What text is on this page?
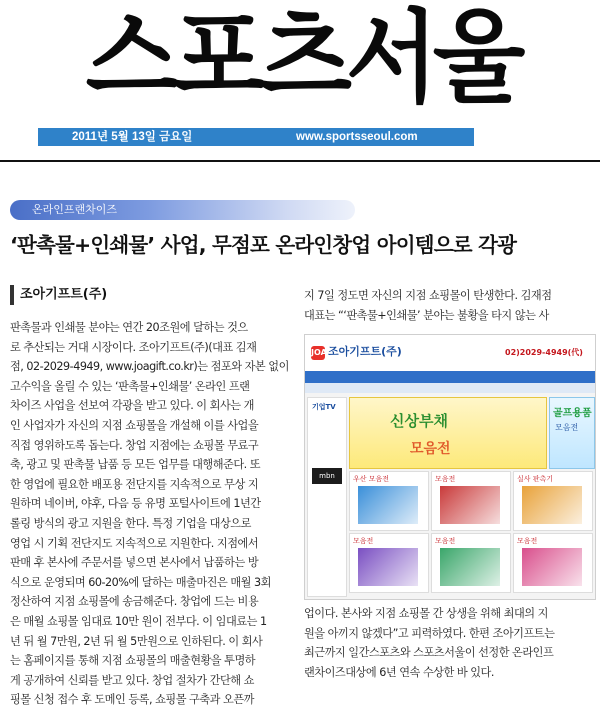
스포츠서울
2011년 5월 13일 금요일	www.sportsseoul.com
온라인프랜차이즈
‘판촉물+인쇄물’ 사업, 무점포 온라인창업 아이템으로 각광
조아기프트(주)

판촉물과 인쇄물 분야는 연간 20조원에 달하는 것으

로 추산되는 거대 시장이다. 조아기프트(주)(대표 김재

점, 02-2029-4949, www.joagift.co.kr)는 점포와 자본 없이

고수익을 올릴 수 있는 ‘판촉물+인쇄물’ 온라인 프랜

차이즈 사업을 선보여 각광을 받고 있다. 이 회사는 개

인 사업자가 자신의 지점 쇼핑몰을 개설해 이를 사업을

직접 영위하도록 돕는다. 창업 지점에는 쇼핑몰 무료구

축, 광고 및 판촉물 납품 등 모든 업무를 대행해준다. 또

한 영업에 필요한 배포용 전단지를 지속적으로 무상 지

원하며 네이버, 야후, 다음 등 유명 포털사이트에 1년간

롤링 방식의 광고 지원을 한다. 특정 기업을 대상으로

영업 시 기획 전단지도 지속적으로 지원한다. 지점에서

판매 후 본사에 주문서를 넣으면 본사에서 납품하는 방

식으로 운영되며 60-20%에 달하는 매출마진은 매월 3회

정산하여 지점 쇼핑몰에 송금해준다. 창업에 드는 비용

은 매월 쇼핑몰 임대료 10만 원이 전부다. 이 임대료는 1

년 뒤 월 7만원, 2년 뒤 월 5만원으로 인하된다. 이 회사

는 홈페이지를 통해 지점 쇼핑몰의 매출현황을 투명하

게 공개하여 신뢰를 받고 있다. 창업 절차가 간단해 쇼

핑몰 신청 접수 후 도메인 등록, 쇼핑몰 구축과 오픈까

지 7일 정도면 자신의 지점 쇼핑몰이 탄생한다. 김재점

대표는 “‘판촉물+인쇄물’ 분야는 불황을 타지 않는 사

JOA조아기프트(주)	02)2029-4949(代)
기업TV
mbn
신상부채
모음전
골프용품
모음전
우산 모음전	모음전	실사 판촉기
모음전	모음전	모음전

업이다. 본사와 지점 쇼핑몰 간 상생을 위해 최대의 지

원을 아끼지 않겠다”고 피력하였다. 한편 조아기프트는

최근까지 일간스포츠와 스포츠서울이 선정한 온라인프

랜차이즈대상에 6년 연속 수상한 바 있다.
